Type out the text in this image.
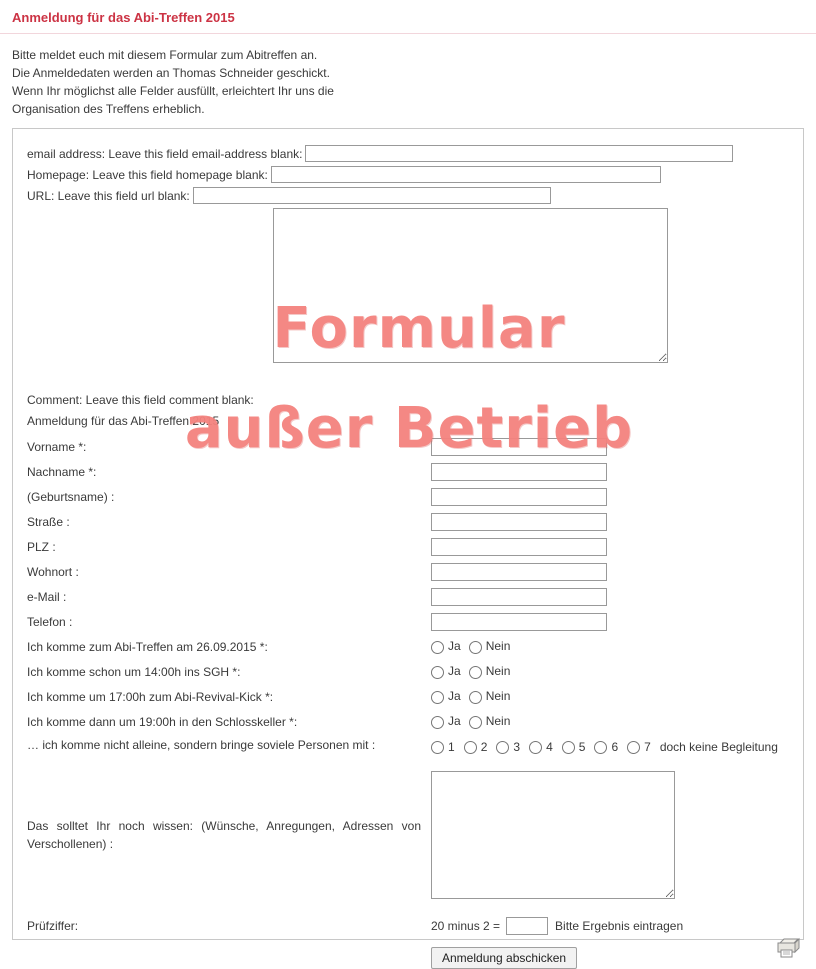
Anmeldung für das Abi-Treffen 2015
Bitte meldet euch mit diesem Formular zum Abitreffen an.
Die Anmeldedaten werden an Thomas Schneider geschickt.
Wenn Ihr möglichst alle Felder ausfüllt, erleichtert Ihr uns die
Organisation des Treffens erheblich.
email address: Leave this field email-address blank:
Homepage: Leave this field homepage blank:
URL: Leave this field url blank:
Comment: Leave this field comment blank:
Anmeldung für das Abi-Treffen 2015
Vorname *:
Nachname *:
(Geburtsname) :
Straße :
PLZ :
Wohnort :
e-Mail :
Telefon :
Ich komme zum Abi-Treffen am 26.09.2015 *:	Ja	Nein
Ich komme schon um 14:00h ins SGH *:	Ja	Nein
Ich komme um 17:00h zum Abi-Revival-Kick *:	Ja	Nein
Ich komme dann um 19:00h in den Schlosskeller *:	Ja	Nein
… ich komme nicht alleine, sondern bringe soviele Personen mit :	1 2 3 4 5 6 7 doch keine Begleitung
Das solltet Ihr noch wissen: (Wünsche, Anregungen, Adressen von Verschollenen) :
Prüfziffer:	20 minus 2 =	Bitte Ergebnis eintragen
Anmeldung abschicken
Formular
außer Betrieb
